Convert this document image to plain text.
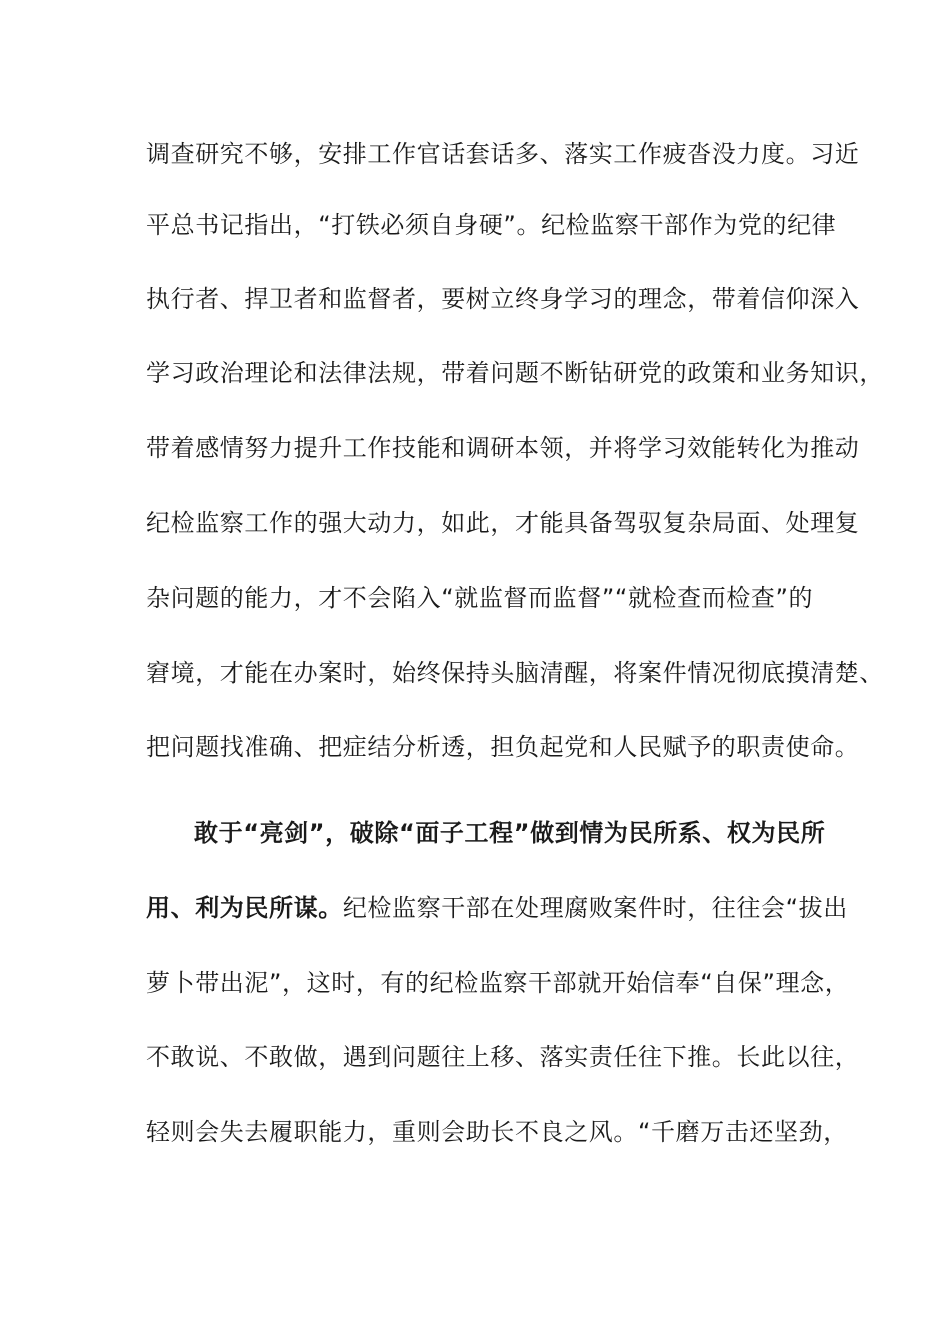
调查研究不够，安排工作官话套话多、落实工作疲沓没力度。习近
平总书记指出，“打铁必须自身硬”。纪检监察干部作为党的纪律
执行者、捍卫者和监督者，要树立终身学习的理念，带着信仰深入
学习政治理论和法律法规，带着问题不断钻研党的政策和业务知识，
带着感情努力提升工作技能和调研本领，并将学习效能转化为推动
纪检监察工作的强大动力，如此，才能具备驾驭复杂局面、处理复
杂问题的能力，才不会陷入“就监督而监督”“就检查而检查”的
窘境，才能在办案时，始终保持头脑清醒，将案件情况彻底摸清楚、
把问题找准确、把症结分析透，担负起党和人民赋予的职责使命。
敢于“亮剑”，破除“面子工程”做到情为民所系、权为民所
用、利为民所谋。纪检监察干部在处理腐败案件时，往往会“拔出
萝卜带出泥”，这时，有的纪检监察干部就开始信奉“自保”理念，
不敢说、不敢做，遇到问题往上移、落实责任往下推。长此以往，
轻则会失去履职能力，重则会助长不良之风。“千磨万击还坚劲，
